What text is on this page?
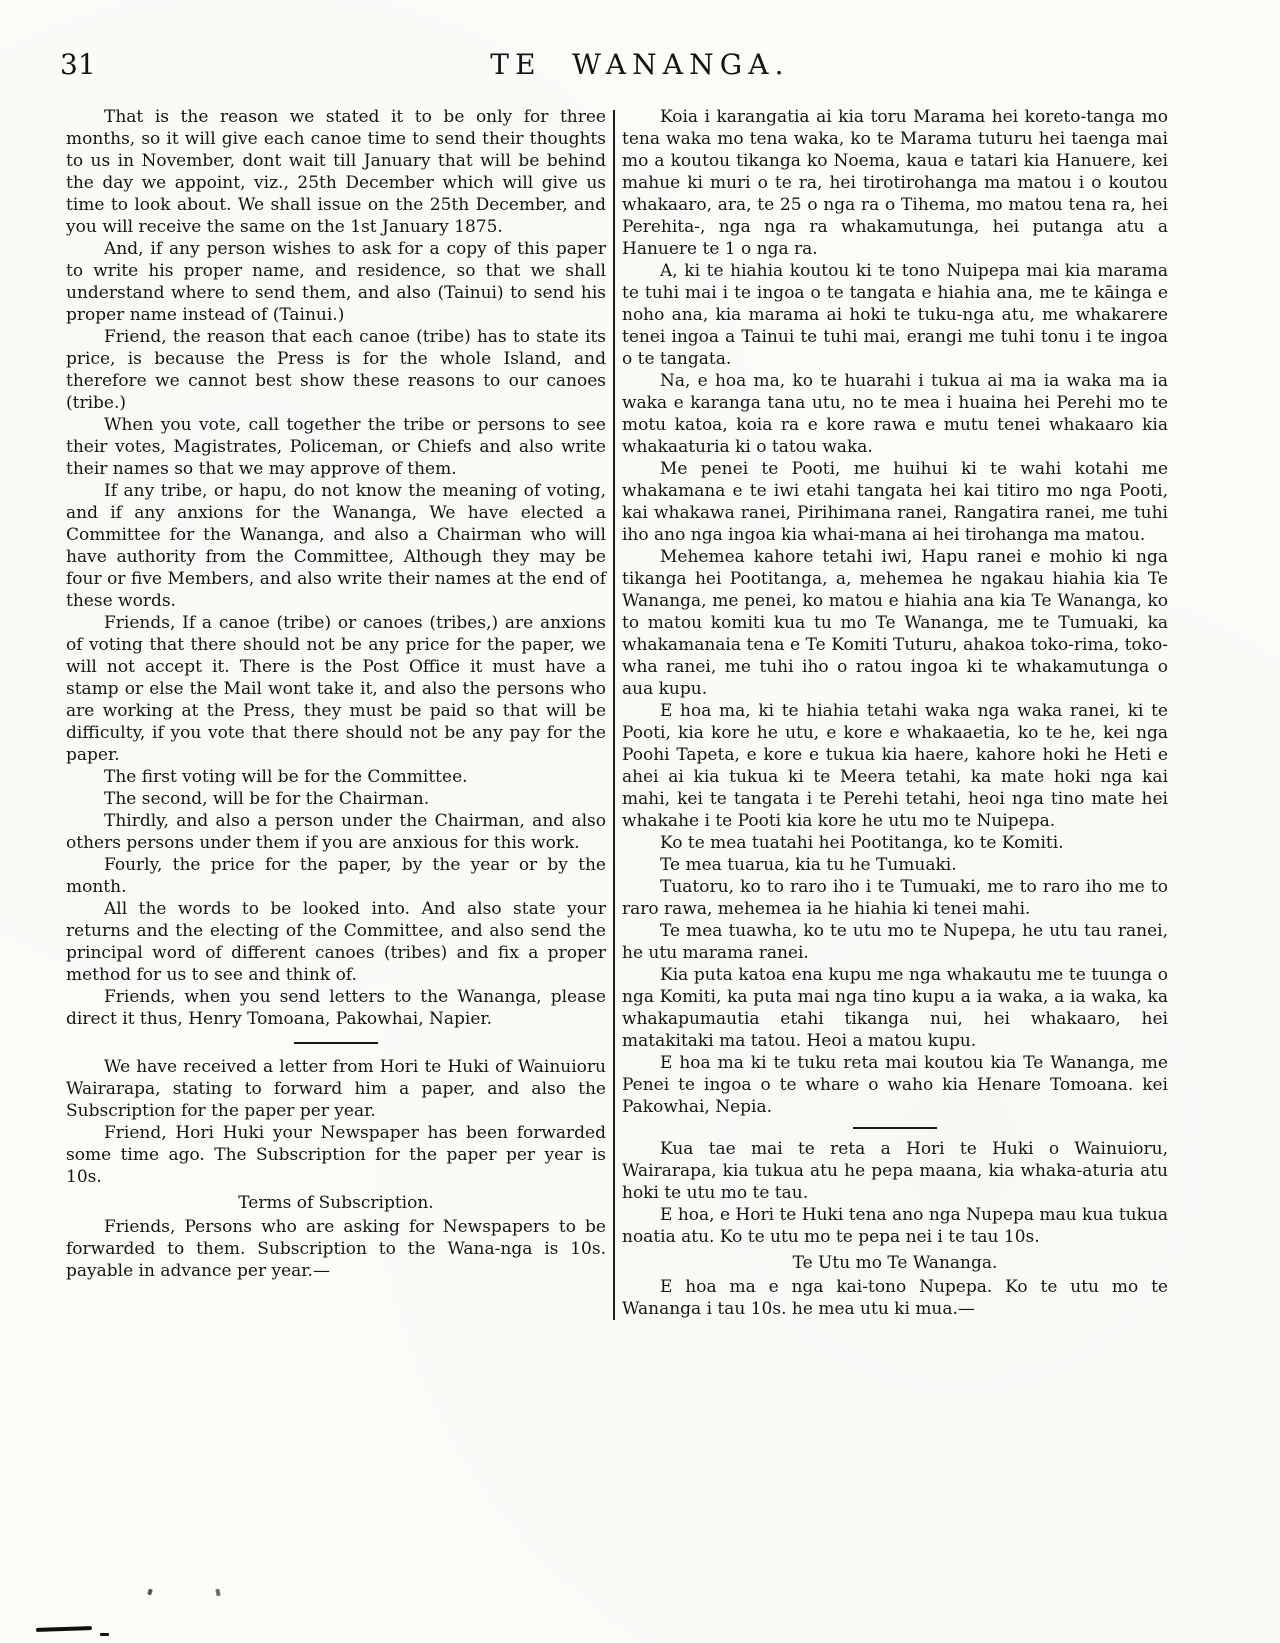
31	TE WANANGA.

That is the reason we stated it to be only for three months, so it will give each canoe time to send their thoughts to us in November, dont wait till January that will be behind the day we appoint, viz., 25th December which will give us time to look about. We shall issue on the 25th December, and you will receive the same on the 1st January 1875.

And, if any person wishes to ask for a copy of this paper to write his proper name, and residence, so that we shall understand where to send them, and also (Tainui) to send his proper name instead of (Tainui.)

Friend, the reason that each canoe (tribe) has to state its price, is because the Press is for the whole Island, and therefore we cannot best show these reasons to our canoes (tribe.)

When you vote, call together the tribe or persons to see their votes, Magistrates, Policeman, or Chiefs and also write their names so that we may approve of them.

If any tribe, or hapu, do not know the meaning of voting, and if any anxions for the Wananga, We have elected a Committee for the Wananga, and also a Chairman who will have authority from the Committee, Although they may be four or five Members, and also write their names at the end of these words.

Friends, If a canoe (tribe) or canoes (tribes,) are anxions of voting that there should not be any price for the paper, we will not accept it. There is the Post Office it must have a stamp or else the Mail wont take it, and also the persons who are working at the Press, they must be paid so that will be difficulty, if you vote that there should not be any pay for the paper.

The first voting will be for the Committee.

The second, will be for the Chairman.

Thirdly, and also a person under the Chairman, and also others persons under them if you are anxious for this work.

Fourly, the price for the paper, by the year or by the month.

All the words to be looked into. And also state your returns and the electing of the Committee, and also send the principal word of different canoes (tribes) and fix a proper method for us to see and think of.

Friends, when you send letters to the Wananga, please direct it thus, Henry Tomoana, Pakowhai, Napier.

We have received a letter from Hori te Huki of Wainuioru Wairarapa, stating to forward him a paper, and also the Subscription for the paper per year.

Friend, Hori Huki your Newspaper has been forwarded some time ago. The Subscription for the paper per year is 10s.

Terms of Subscription.

Friends, Persons who are asking for Newspapers to be forwarded to them. Subscription to the Wana-nga is 10s. payable in advance per year.—

Koia i karangatia ai kia toru Marama hei koreto-tanga mo tena waka mo tena waka, ko te Marama tuturu hei taenga mai mo a koutou tikanga ko Noema, kaua e tatari kia Hanuere, kei mahue ki muri o te ra, hei tirotirohanga ma matou i o koutou whakaaro, ara, te 25 o nga ra o Tihema, mo matou tena ra, hei Perehita-, nga nga ra whakamutunga, hei putanga atu a Hanuere te 1 o nga ra.

A, ki te hiahia koutou ki te tono Nuipepa mai kia marama te tuhi mai i te ingoa o te tangata e hiahia ana, me te kāinga e noho ana, kia marama ai hoki te tuku-nga atu, me whakarere tenei ingoa a Tainui te tuhi mai, erangi me tuhi tonu i te ingoa o te tangata.

Na, e hoa ma, ko te huarahi i tukua ai ma ia waka ma ia waka e karanga tana utu, no te mea i huaina hei Perehi mo te motu katoa, koia ra e kore rawa e mutu tenei whakaaro kia whakaaturia ki o tatou waka.

Me penei te Pooti, me huihui ki te wahi kotahi me whakamana e te iwi etahi tangata hei kai titiro mo nga Pooti, kai whakawa ranei, Pirihimana ranei, Rangatira ranei, me tuhi iho ano nga ingoa kia whai-mana ai hei tirohanga ma matou.

Mehemea kahore tetahi iwi, Hapu ranei e mohio ki nga tikanga hei Pootitanga, a, mehemea he ngakau hiahia kia Te Wananga, me penei, ko matou e hiahia ana kia Te Wananga, ko to matou komiti kua tu mo Te Wananga, me te Tumuaki, ka whakamanaia tena e Te Komiti Tuturu, ahakoa toko-rima, toko-wha ranei, me tuhi iho o ratou ingoa ki te whakamutunga o aua kupu.

E hoa ma, ki te hiahia tetahi waka nga waka ranei, ki te Pooti, kia kore he utu, e kore e whakaaetia, ko te he, kei nga Poohi Tapeta, e kore e tukua kia haere, kahore hoki he Heti e ahei ai kia tukua ki te Meera tetahi, ka mate hoki nga kai mahi, kei te tangata i te Perehi tetahi, heoi nga tino mate hei whakahe i te Pooti kia kore he utu mo te Nuipepa.

Ko te mea tuatahi hei Pootitanga, ko te Komiti.

Te mea tuarua, kia tu he Tumuaki.

Tuatoru, ko to raro iho i te Tumuaki, me to raro iho me to raro rawa, mehemea ia he hiahia ki tenei mahi.

Te mea tuawha, ko te utu mo te Nupepa, he utu tau ranei, he utu marama ranei.

Kia puta katoa ena kupu me nga whakautu me te tuunga o nga Komiti, ka puta mai nga tino kupu a ia waka, a ia waka, ka whakapumautia etahi tikanga nui, hei whakaaro, hei matakitaki ma tatou. Heoi a matou kupu.

E hoa ma ki te tuku reta mai koutou kia Te Wananga, me Penei te ingoa o te whare o waho kia Henare Tomoana. kei Pakowhai, Nepia.

Kua tae mai te reta a Hori te Huki o Wainuioru, Wairarapa, kia tukua atu he pepa maana, kia whaka-aturia atu hoki te utu mo te tau.

E hoa, e Hori te Huki tena ano nga Nupepa mau kua tukua noatia atu. Ko te utu mo te pepa nei i te tau 10s.

Te Utu mo Te Wananga.

E hoa ma e nga kai-tono Nupepa. Ko te utu mo te Wananga i tau 10s. he mea utu ki mua.—
